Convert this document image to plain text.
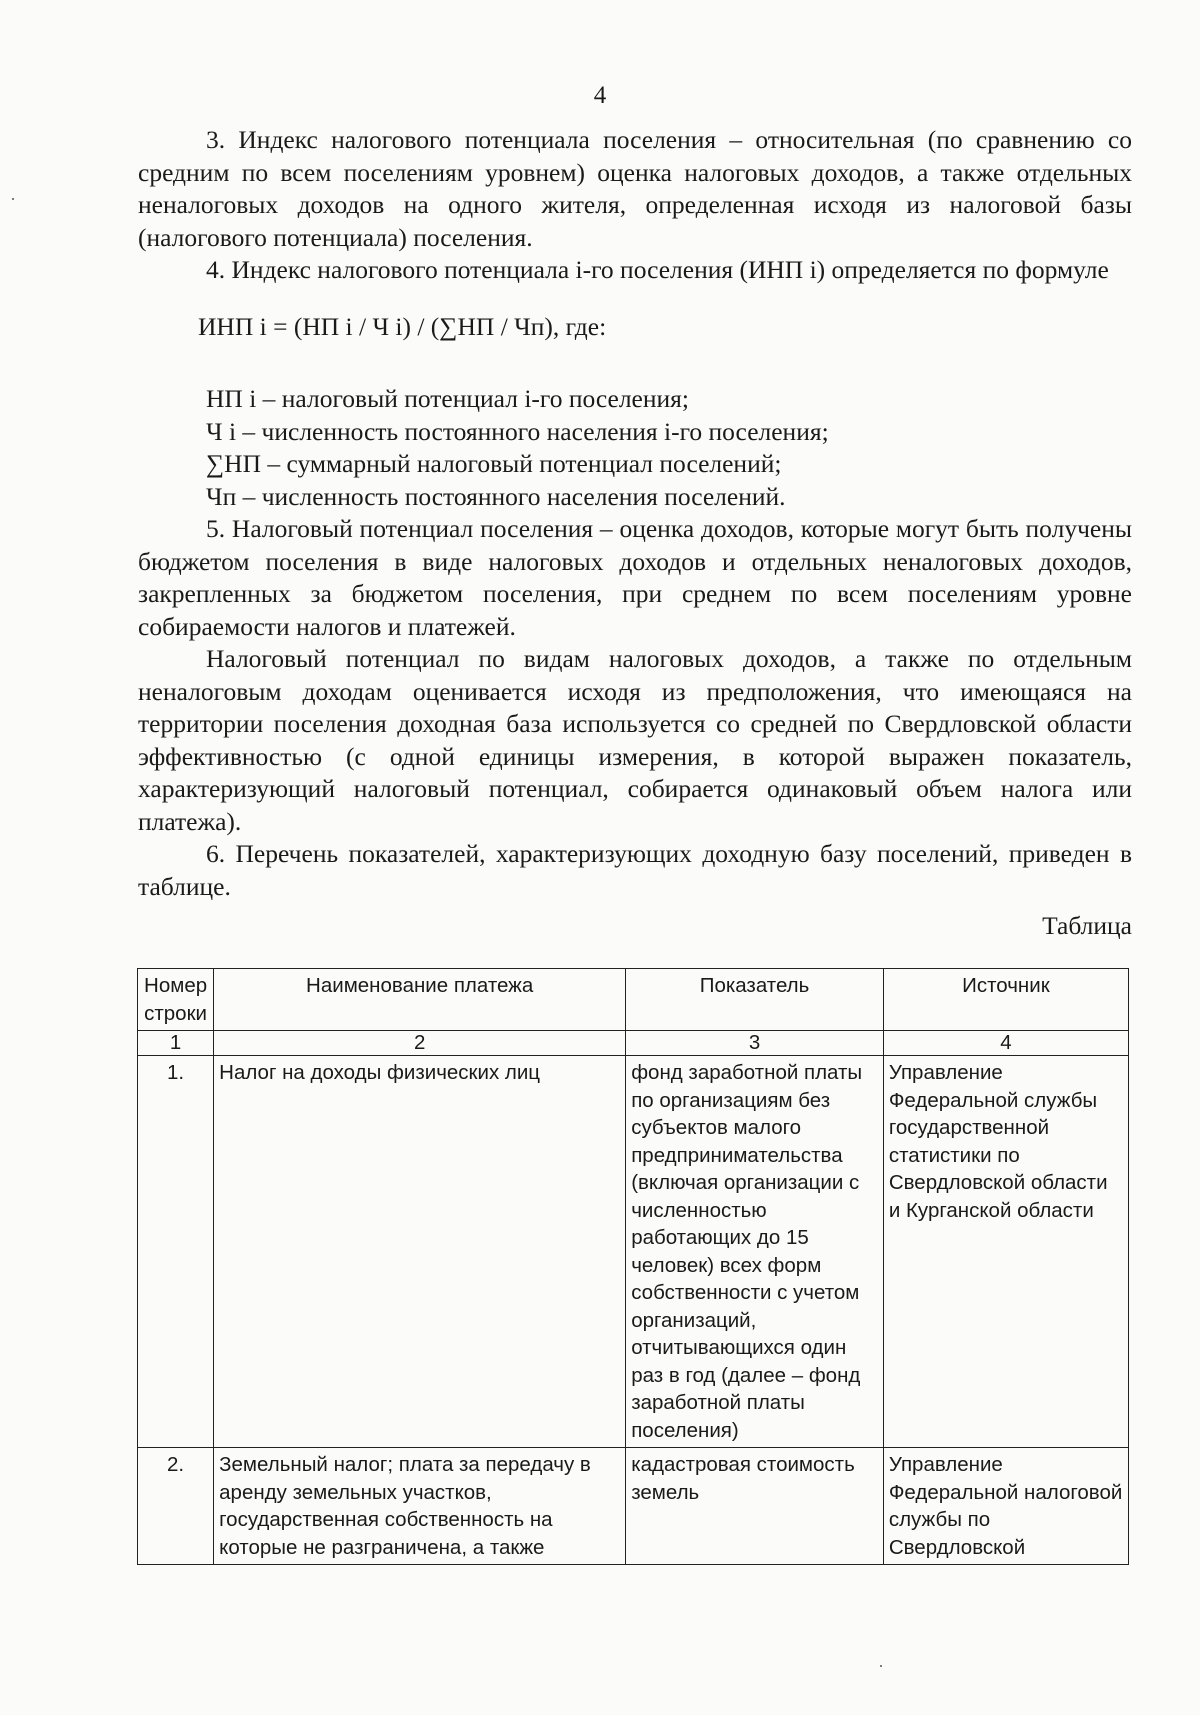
4

3. Индекс налогового потенциала поселения – относительная (по сравнению со средним по всем поселениям уровнем) оценка налоговых доходов, а также отдельных неналоговых доходов на одного жителя, определенная исходя из налоговой базы (налогового потенциала) поселения.

4. Индекс налогового потенциала i-го поселения (ИНП i) определяется по формуле

ИНП i = (НП i / Ч i) / (∑НП / Чп), где:

НП i – налоговый потенциал i-го поселения;

Ч i – численность постоянного населения i-го поселения;

∑НП – суммарный налоговый потенциал поселений;

Чп – численность постоянного населения поселений.

5. Налоговый потенциал поселения – оценка доходов, которые могут быть получены бюджетом поселения в виде налоговых доходов и отдельных неналоговых доходов, закрепленных за бюджетом поселения, при среднем по всем поселениям уровне собираемости налогов и платежей.

Налоговый потенциал по видам налоговых доходов, а также по отдельным неналоговым доходам оценивается исходя из предположения, что имеющаяся на территории поселения доходная база используется со средней по Свердловской области эффективностью (с одной единицы измерения, в которой выражен показатель, характеризующий налоговый потенциал, собирается одинаковый объем налога или платежа).

6. Перечень показателей, характеризующих доходную базу поселений, приведен в таблице.

Таблица

Номер строки	Наименование платежа	Показатель	Источник
1	2	3	4
1.	Налог на доходы физических лиц	фонд заработной платы по организациям без субъектов малого предпринимательства (включая организации с численностью работающих до 15 человек) всех форм собственности с учетом организаций, отчитывающихся один раз в год (далее – фонд заработной платы поселения)	Управление Федеральной службы государственной статистики по Свердловской области и Курганской области
2.	Земельный налог; плата за передачу в аренду земельных участков, государственная собственность на которые не разграничена, а также	кадастровая стоимость земель	Управление Федеральной налоговой службы по Свердловской
